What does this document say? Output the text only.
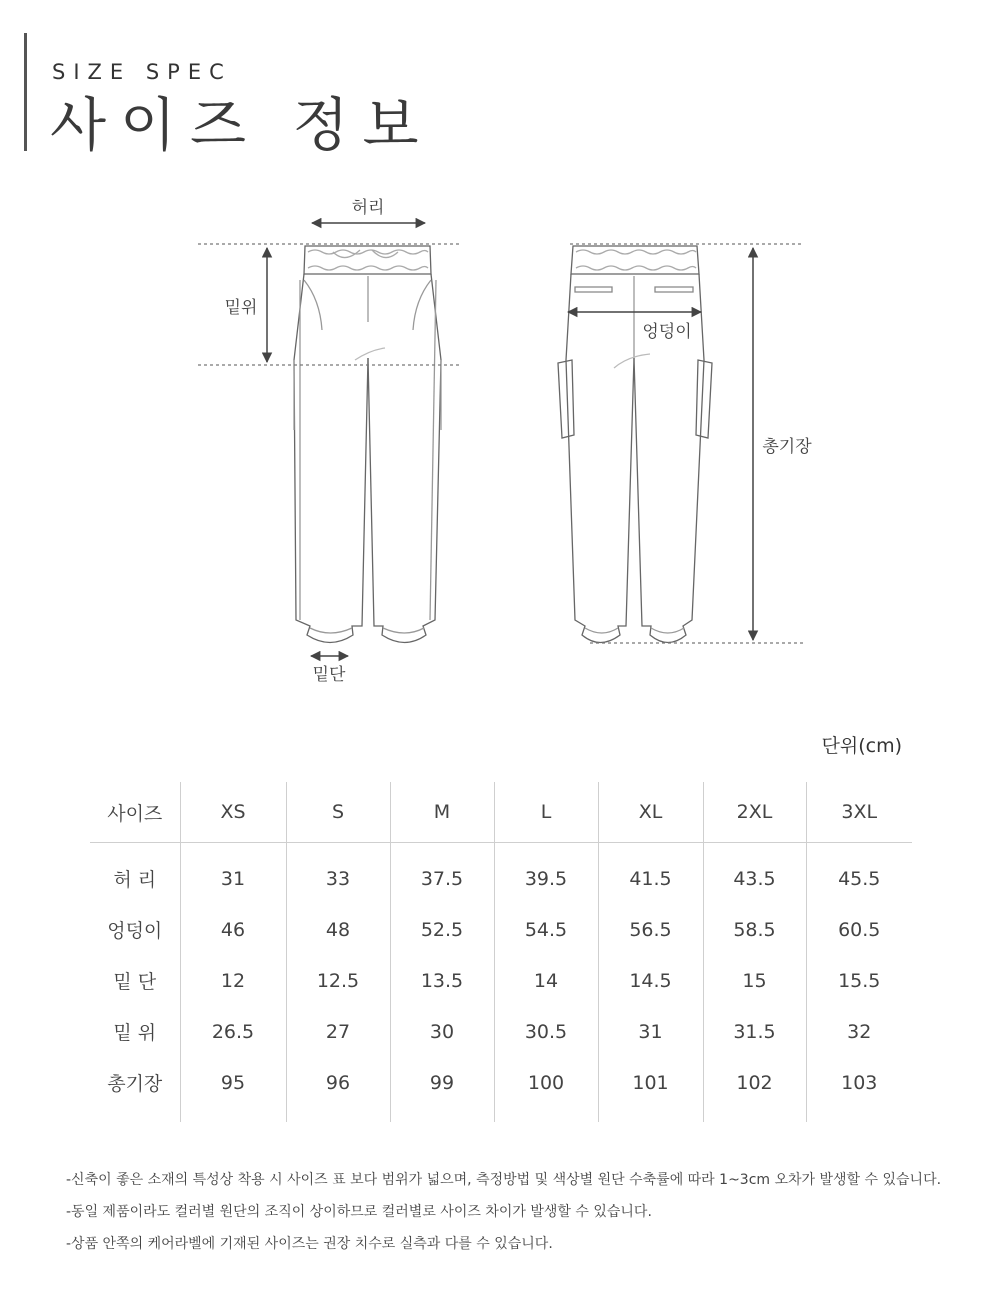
SIZE SPEC
사이즈 정보
허리
밑위
밑단
엉덩이
총기장
단위(cm)
사이즈	XS	S	M	L	XL	2XL	3XL
허 리	31	33	37.5	39.5	41.5	43.5	45.5
엉덩이	46	48	52.5	54.5	56.5	58.5	60.5
밑 단	12	12.5	13.5	14	14.5	15	15.5
밑 위	26.5	27	30	30.5	31	31.5	32
총기장	95	96	99	100	101	102	103
-신축이 좋은 소재의 특성상 착용 시 사이즈 표 보다 범위가 넓으며, 측정방법 및 색상별 원단 수축률에 따라 1~3cm 오차가 발생할 수 있습니다.
-동일 제품이라도 컬러별 원단의 조직이 상이하므로 컬러별로 사이즈 차이가 발생할 수 있습니다.
-상품 안쪽의 케어라벨에 기재된 사이즈는 권장 치수로 실측과 다를 수 있습니다.
